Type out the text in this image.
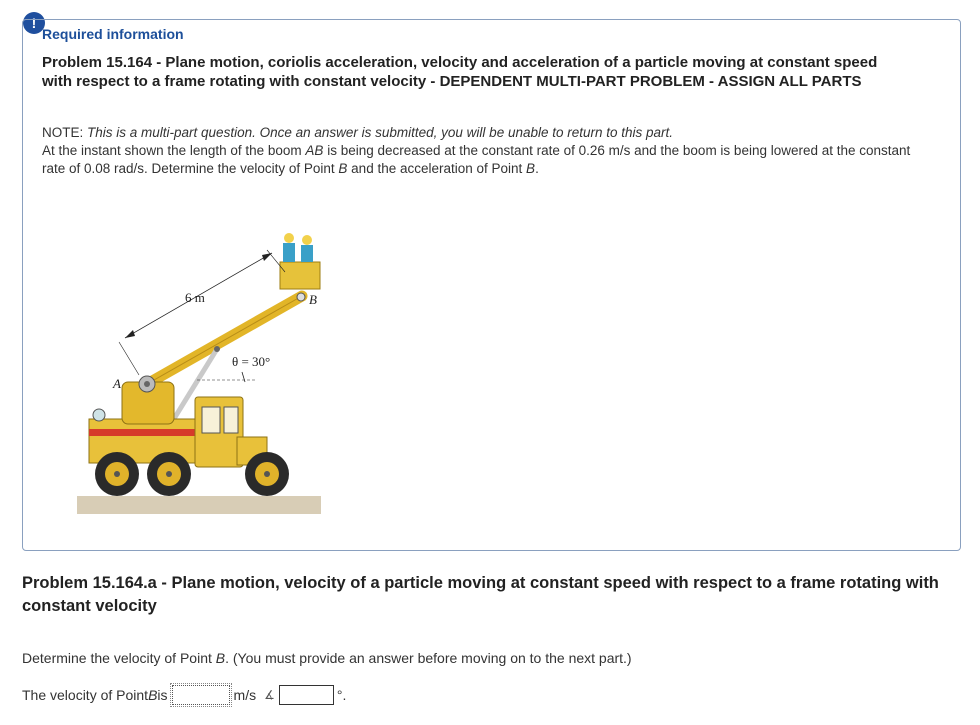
!
Required information
Problem 15.164 - Plane motion, coriolis acceleration, velocity and acceleration of a particle moving at constant speed with respect to a frame rotating with constant velocity - DEPENDENT MULTI-PART PROBLEM - ASSIGN ALL PARTS
NOTE: This is a multi-part question. Once an answer is submitted, you will be unable to return to this part.
At the instant shown the length of the boom AB is being decreased at the constant rate of 0.26 m/s and the boom is being lowered at the constant rate of 0.08 rad/s. Determine the velocity of Point B and the acceleration of Point B.
B
6 m
θ = 30°
A
Problem 15.164.a - Plane motion, velocity of a particle moving at constant speed with respect to a frame rotating with constant velocity
Determine the velocity of Point B. (You must provide an answer before moving on to the next part.)
The velocity of Point B is	m/s ∡	°.
